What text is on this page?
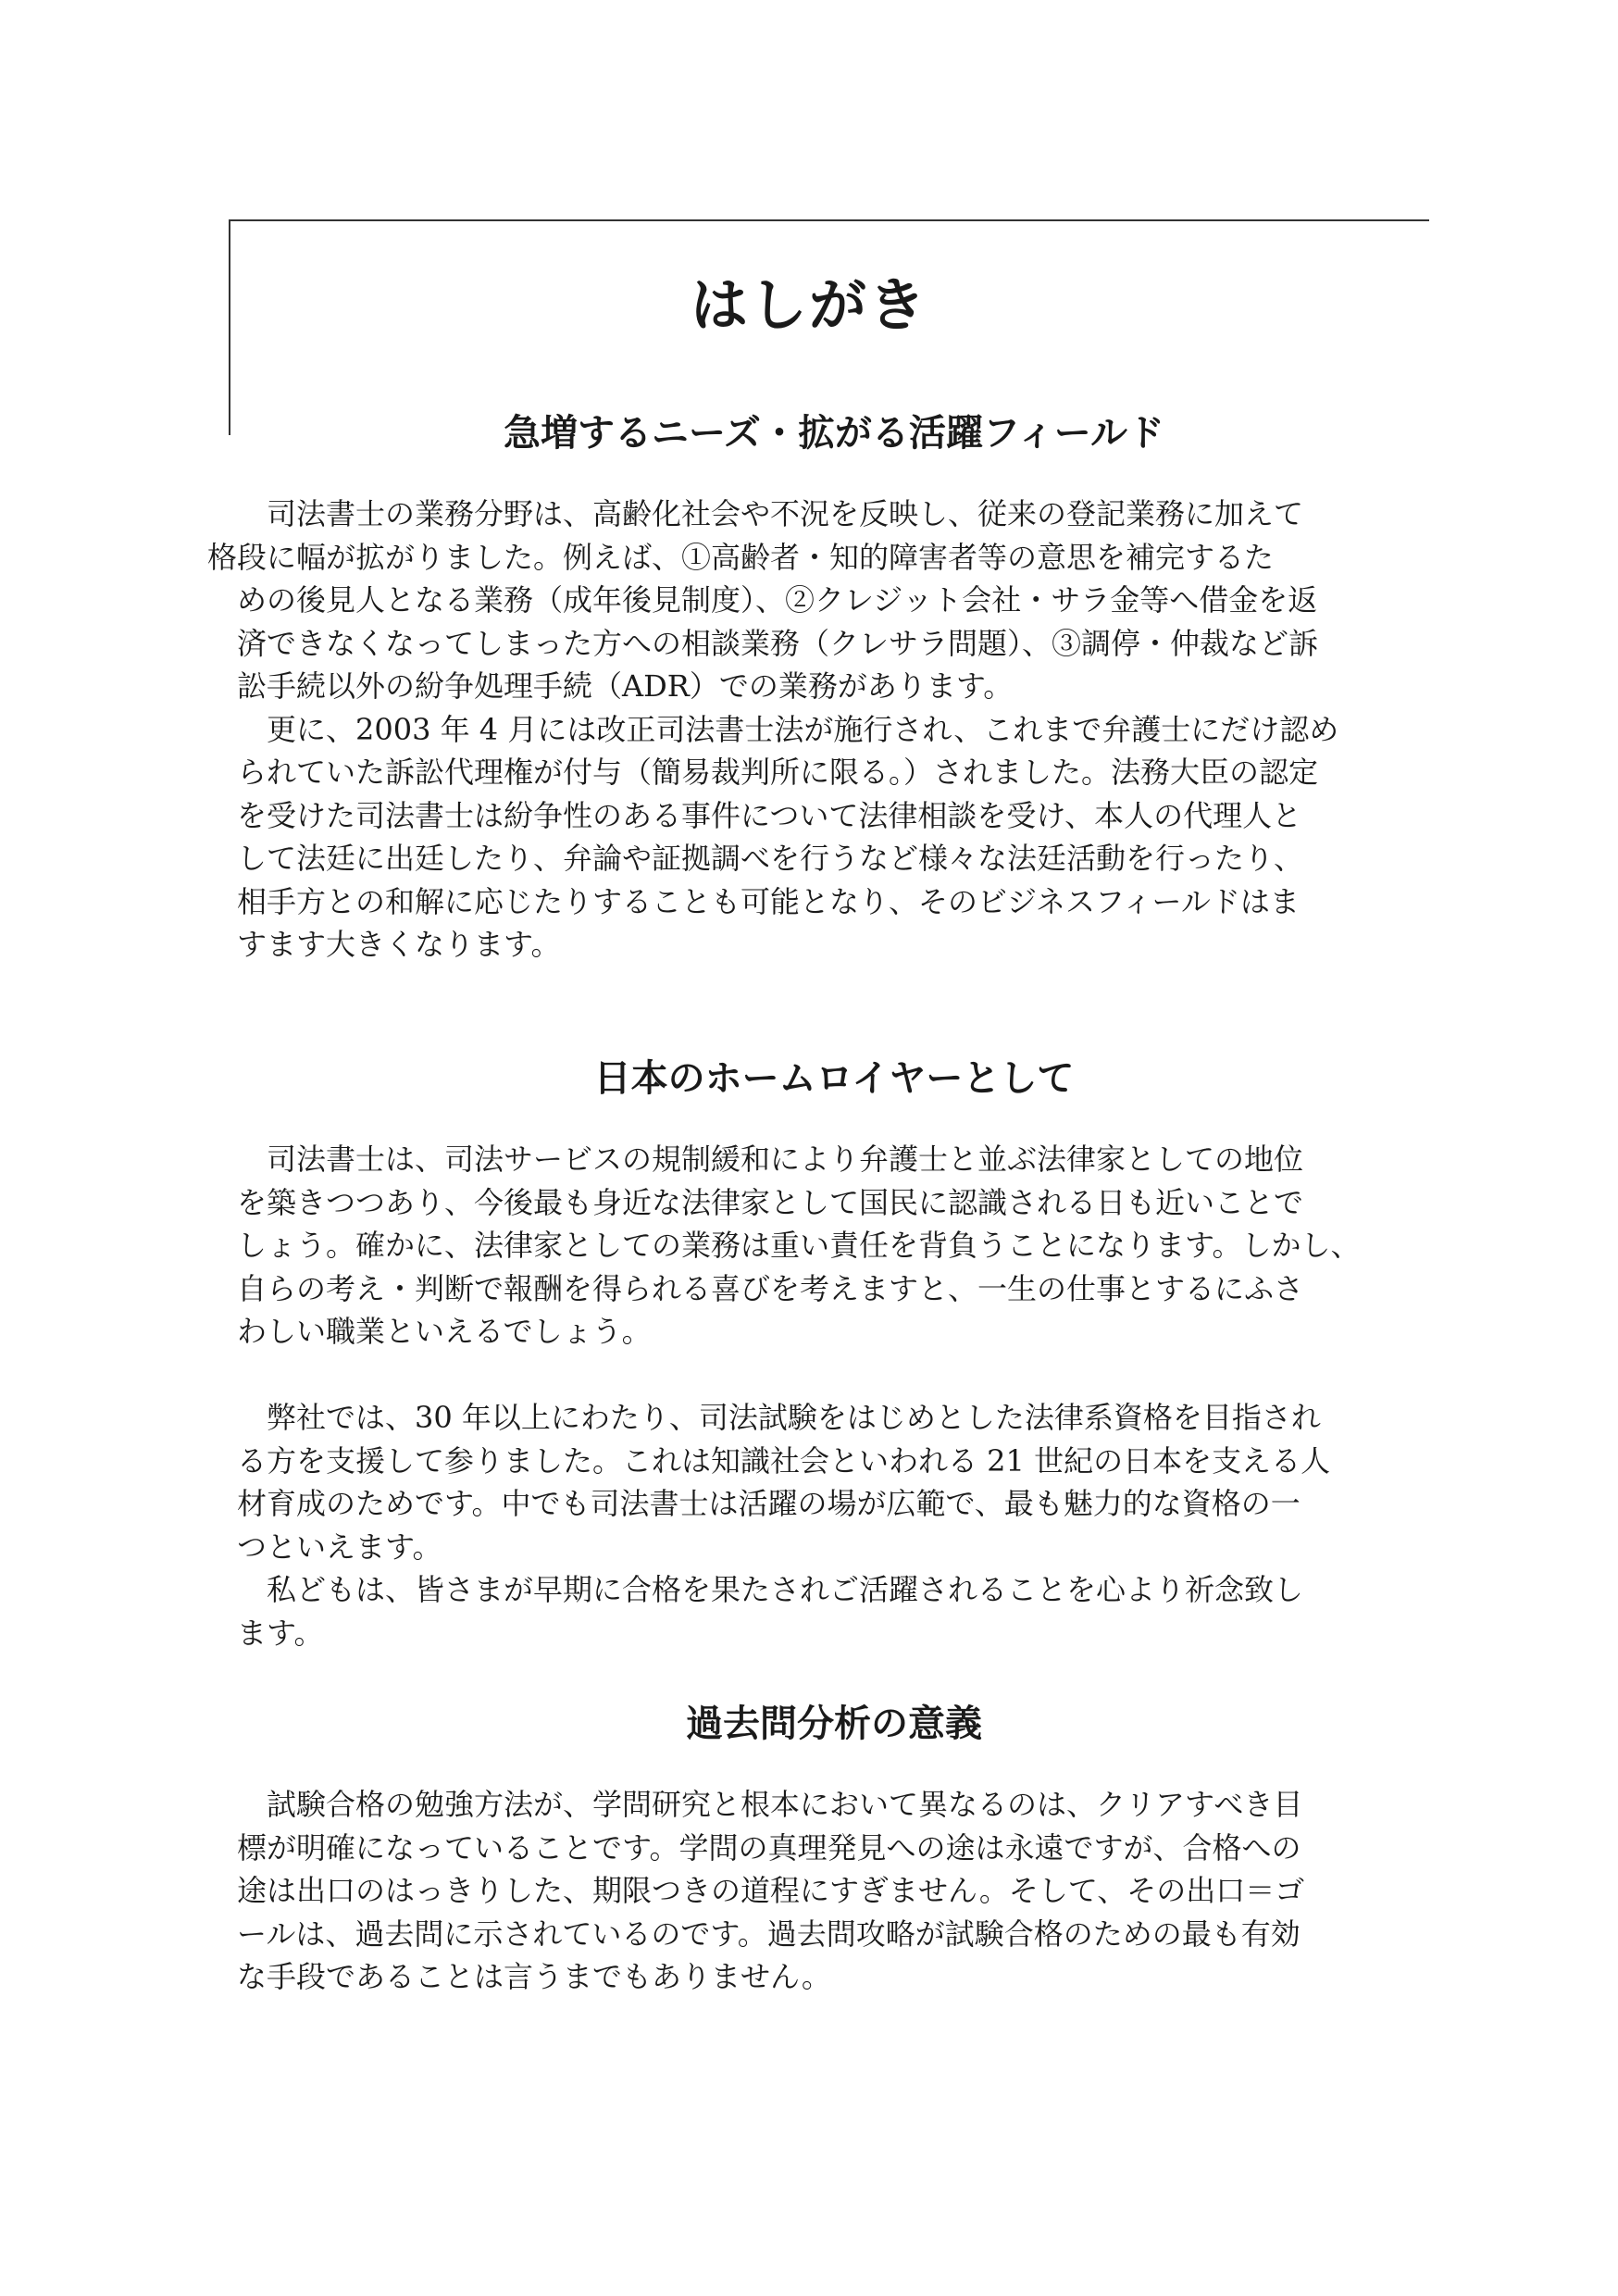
はしがき
急増するニーズ・拡がる活躍フィールド

司法書士の業務分野は、高齢化社会や不況を反映し、従来の登記業務に加えて
格段に幅が拡がりました。例えば、①高齢者・知的障害者等の意思を補完するた
めの後見人となる業務（成年後見制度）、②クレジット会社・サラ金等へ借金を返
済できなくなってしまった方への相談業務（クレサラ問題）、③調停・仲裁など訴
訟手続以外の紛争処理手続（ADR）での業務があります。

更に、2003 年 4 月には改正司法書士法が施行され、これまで弁護士にだけ認め
られていた訴訟代理権が付与（簡易裁判所に限る。）されました。法務大臣の認定
を受けた司法書士は紛争性のある事件について法律相談を受け、本人の代理人と
して法廷に出廷したり、弁論や証拠調べを行うなど様々な法廷活動を行ったり、
相手方との和解に応じたりすることも可能となり、そのビジネスフィールドはま
すます大きくなります。

日本のホームロイヤーとして

司法書士は、司法サービスの規制緩和により弁護士と並ぶ法律家としての地位
を築きつつあり、今後最も身近な法律家として国民に認識される日も近いことで
しょう。確かに、法律家としての業務は重い責任を背負うことになります。しかし、
自らの考え・判断で報酬を得られる喜びを考えますと、一生の仕事とするにふさ
わしい職業といえるでしょう。

弊社では、30 年以上にわたり、司法試験をはじめとした法律系資格を目指され
る方を支援して参りました。これは知識社会といわれる 21 世紀の日本を支える人
材育成のためです。中でも司法書士は活躍の場が広範で、最も魅力的な資格の一
つといえます。

私どもは、皆さまが早期に合格を果たされご活躍されることを心より祈念致し
ます。

過去問分析の意義

試験合格の勉強方法が、学問研究と根本において異なるのは、クリアすべき目
標が明確になっていることです。学問の真理発見への途は永遠ですが、合格への
途は出口のはっきりした、期限つきの道程にすぎません。そして、その出口＝ゴ
ールは、過去問に示されているのです。過去問攻略が試験合格のための最も有効
な手段であることは言うまでもありません。
